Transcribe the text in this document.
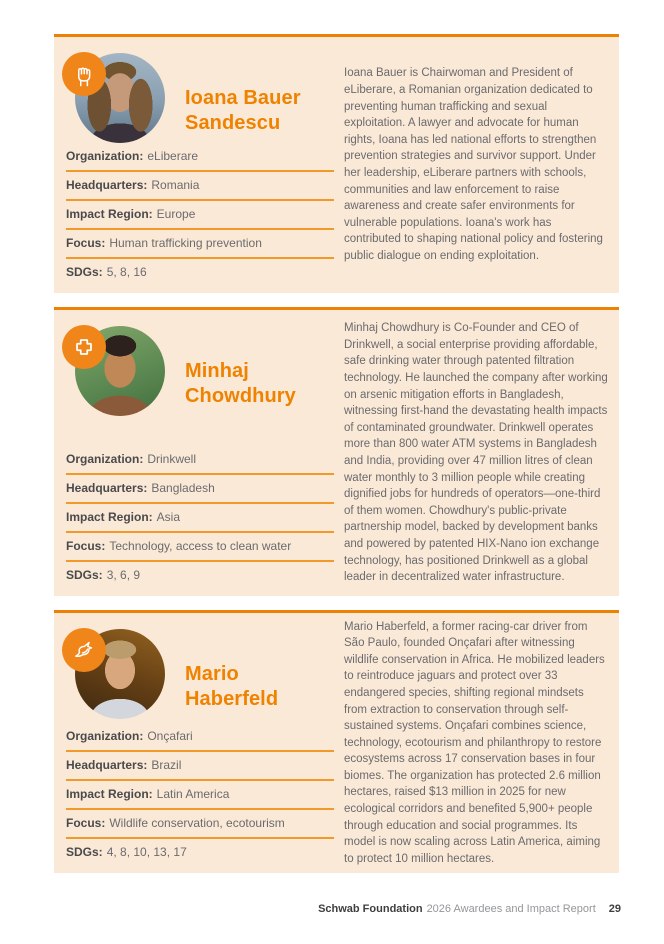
Ioana Bauer
Sandescu
Organization: eLiberare
Headquarters: Romania
Impact Region: Europe
Focus: Human trafficking prevention
SDGs: 5, 8, 16

Ioana Bauer is Chairwoman and President of eLiberare, a Romanian organization dedicated to preventing human trafficking and sexual exploitation. A lawyer and advocate for human rights, Ioana has led national efforts to strengthen prevention strategies and survivor support. Under her leadership, eLiberare partners with schools, communities and law enforcement to raise awareness and create safer environments for vulnerable populations. Ioana's work has contributed to shaping national policy and fostering public dialogue on ending exploitation.

Minhaj
Chowdhury
Organization: Drinkwell
Headquarters: Bangladesh
Impact Region: Asia
Focus: Technology, access to clean water
SDGs: 3, 6, 9

Minhaj Chowdhury is Co-Founder and CEO of Drinkwell, a social enterprise providing affordable, safe drinking water through patented filtration technology. He launched the company after working on arsenic mitigation efforts in Bangladesh, witnessing first-hand the devastating health impacts of contaminated groundwater. Drinkwell operates more than 800 water ATM systems in Bangladesh and India, providing over 47 million litres of clean water monthly to 3 million people while creating dignified jobs for hundreds of operators—one-third of them women. Chowdhury's public-private partnership model, backed by development banks and powered by patented HIX-Nano ion exchange technology, has positioned Drinkwell as a global leader in decentralized water infrastructure.

Mario
Haberfeld
Organization: Onçafari
Headquarters: Brazil
Impact Region: Latin America
Focus: Wildlife conservation, ecotourism
SDGs: 4, 8, 10, 13, 17

Mario Haberfeld, a former racing-car driver from São Paulo, founded Onçafari after witnessing wildlife conservation in Africa. He mobilized leaders to reintroduce jaguars and protect over 33 endangered species, shifting regional mindsets from extraction to conservation through self-sustained systems. Onçafari combines science, technology, ecotourism and philanthropy to restore ecosystems across 17 conservation bases in four biomes. The organization has protected 2.6 million hectares, raised $13 million in 2025 for new ecological corridors and benefited 5,900+ people through education and social programmes. Its model is now scaling across Latin America, aiming to protect 10 million hectares.

Schwab Foundation 2026 Awardees and Impact Report 29
